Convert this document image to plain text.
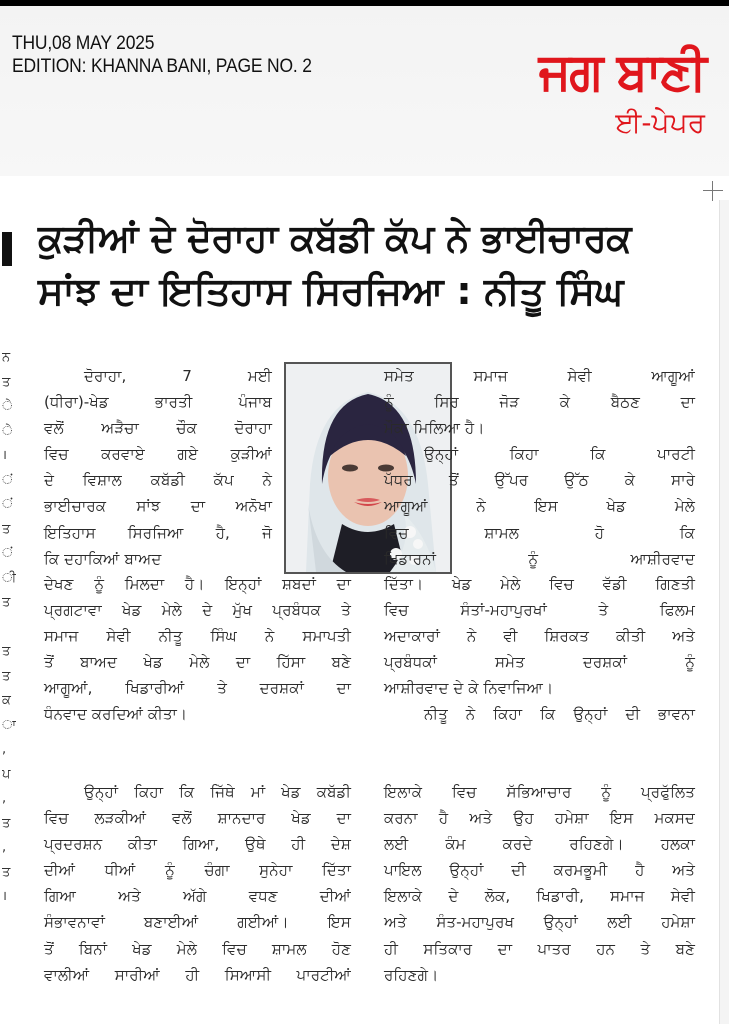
THU,08 MAY 2025
EDITION: KHANNA BANI, PAGE NO. 2	ਜਗ ਬਾਣੀ
ਈ-ਪੇਪਰ
ਨ
ਤ
ੇ
ੇ
।
ਂ
ਂ
ਤ
ਂ
ੀ
ਤ
ਤ
ਤ
ਕ
ਾ
,
ਪ
,
ਤ
,
ਤ
।
ਕੁੜੀਆਂ ਦੇ ਦੋਰਾਹਾ ਕਬੱਡੀ ਕੱਪ ਨੇ ਭਾਈਚਾਰਕ
ਸਾਂਝ ਦਾ ਇਤਿਹਾਸ ਸਿਰਜਿਆ : ਨੀਤੂ ਸਿੰਘ
ਦੋਰਾਹਾ, 7 ਮਈ
(ਧੀਰਾ)-ਖੇਡ ਭਾਰਤੀ ਪੰਜਾਬ
ਵਲੋਂ ਅੜੈਚਾ ਚੌਕ ਦੋਰਾਹਾ
ਵਿਚ ਕਰਵਾਏ ਗਏ ਕੁੜੀਆਂ
ਦੇ ਵਿਸ਼ਾਲ ਕਬੱਡੀ ਕੱਪ ਨੇ
ਭਾਈਚਾਰਕ ਸਾਂਝ ਦਾ ਅਨੋਖਾ
ਇਤਿਹਾਸ ਸਿਰਜਿਆ ਹੈ, ਜੋ
ਕਿ ਦਹਾਕਿਆਂ ਬਾਅਦ
ਦੇਖਣ ਨੂੰ ਮਿਲਦਾ ਹੈ। ਇਨ੍ਹਾਂ ਸ਼ਬਦਾਂ ਦਾ
ਪ੍ਰਗਟਾਵਾ ਖੇਡ ਮੇਲੇ ਦੇ ਮੁੱਖ ਪ੍ਰਬੰਧਕ ਤੇ
ਸਮਾਜ ਸੇਵੀ ਨੀਤੂ ਸਿੰਘ ਨੇ ਸਮਾਪਤੀ
ਤੋਂ ਬਾਅਦ ਖੇਡ ਮੇਲੇ ਦਾ ਹਿੱਸਾ ਬਣੇ
ਆਗੂਆਂ, ਖਿਡਾਰੀਆਂ ਤੇ ਦਰਸ਼ਕਾਂ ਦਾ
ਧੰਨਵਾਦ ਕਰਦਿਆਂ ਕੀਤਾ।
ਉਨ੍ਹਾਂ ਕਿਹਾ ਕਿ ਜਿੱਥੇ ਮਾਂ ਖੇਡ ਕਬੱਡੀ
ਵਿਚ ਲੜਕੀਆਂ ਵਲੋਂ ਸ਼ਾਨਦਾਰ ਖੇਡ ਦਾ
ਪ੍ਰਦਰਸ਼ਨ ਕੀਤਾ ਗਿਆ, ਉਥੇ ਹੀ ਦੇਸ਼
ਦੀਆਂ ਧੀਆਂ ਨੂੰ ਚੰਗਾ ਸੁਨੇਹਾ ਦਿੱਤਾ
ਗਿਆ ਅਤੇ ਅੱਗੇ ਵਧਣ ਦੀਆਂ
ਸੰਭਾਵਨਾਵਾਂ ਬਣਾਈਆਂ ਗਈਆਂ। ਇਸ
ਤੋਂ ਬਿਨਾਂ ਖੇਡ ਮੇਲੇ ਵਿਚ ਸ਼ਾਮਲ ਹੋਣ
ਵਾਲੀਆਂ ਸਾਰੀਆਂ ਹੀ ਸਿਆਸੀ ਪਾਰਟੀਆਂ
ਸਮੇਤ ਸਮਾਜ ਸੇਵੀ ਆਗੂਆਂ
ਨੂੰ ਸਿਰ ਜੋੜ ਕੇ ਬੈਠਣ ਦਾ
ਮੌਕਾ ਮਿਲਿਆ ਹੈ।
ਉਨ੍ਹਾਂ ਕਿਹਾ ਕਿ ਪਾਰਟੀ
ਪੱਧਰ ਤੋਂ ਉੱਪਰ ਉੱਠ ਕੇ ਸਾਰੇ
ਆਗੂਆਂ ਨੇ ਇਸ ਖੇਡ ਮੇਲੇ
ਵਿਚ ਸ਼ਾਮਲ ਹੋ ਕਿ
ਖਿਡਾਰਨਾਂ ਨੂੰ ਆਸ਼ੀਰਵਾਦ
ਦਿੱਤਾ। ਖੇਡ ਮੇਲੇ ਵਿਚ ਵੱਡੀ ਗਿਣਤੀ
ਵਿਚ ਸੰਤਾਂ-ਮਹਾਪੁਰਖਾਂ ਤੇ ਫਿਲਮ
ਅਦਾਕਾਰਾਂ ਨੇ ਵੀ ਸ਼ਿਰਕਤ ਕੀਤੀ ਅਤੇ
ਪ੍ਰਬੰਧਕਾਂ ਸਮੇਤ ਦਰਸ਼ਕਾਂ ਨੂੰ
ਆਸ਼ੀਰਵਾਦ ਦੇ ਕੇ ਨਿਵਾਜਿਆ।
ਨੀਤੂ ਨੇ ਕਿਹਾ ਕਿ ਉਨ੍ਹਾਂ ਦੀ ਭਾਵਨਾ
ਇਲਾਕੇ ਵਿਚ ਸੱਭਿਆਚਾਰ ਨੂੰ ਪ੍ਰਫੁੱਲਿਤ
ਕਰਨਾ ਹੈ ਅਤੇ ਉਹ ਹਮੇਸ਼ਾ ਇਸ ਮਕਸਦ
ਲਈ ਕੰਮ ਕਰਦੇ ਰਹਿਣਗੇ। ਹਲਕਾ
ਪਾਇਲ ਉਨ੍ਹਾਂ ਦੀ ਕਰਮਭੂਮੀ ਹੈ ਅਤੇ
ਇਲਾਕੇ ਦੇ ਲੋਕ, ਖਿਡਾਰੀ, ਸਮਾਜ ਸੇਵੀ
ਅਤੇ ਸੰਤ-ਮਹਾਪੁਰਖ ਉਨ੍ਹਾਂ ਲਈ ਹਮੇਸ਼ਾ
ਹੀ ਸਤਿਕਾਰ ਦਾ ਪਾਤਰ ਹਨ ਤੇ ਬਣੇ
ਰਹਿਣਗੇ।
